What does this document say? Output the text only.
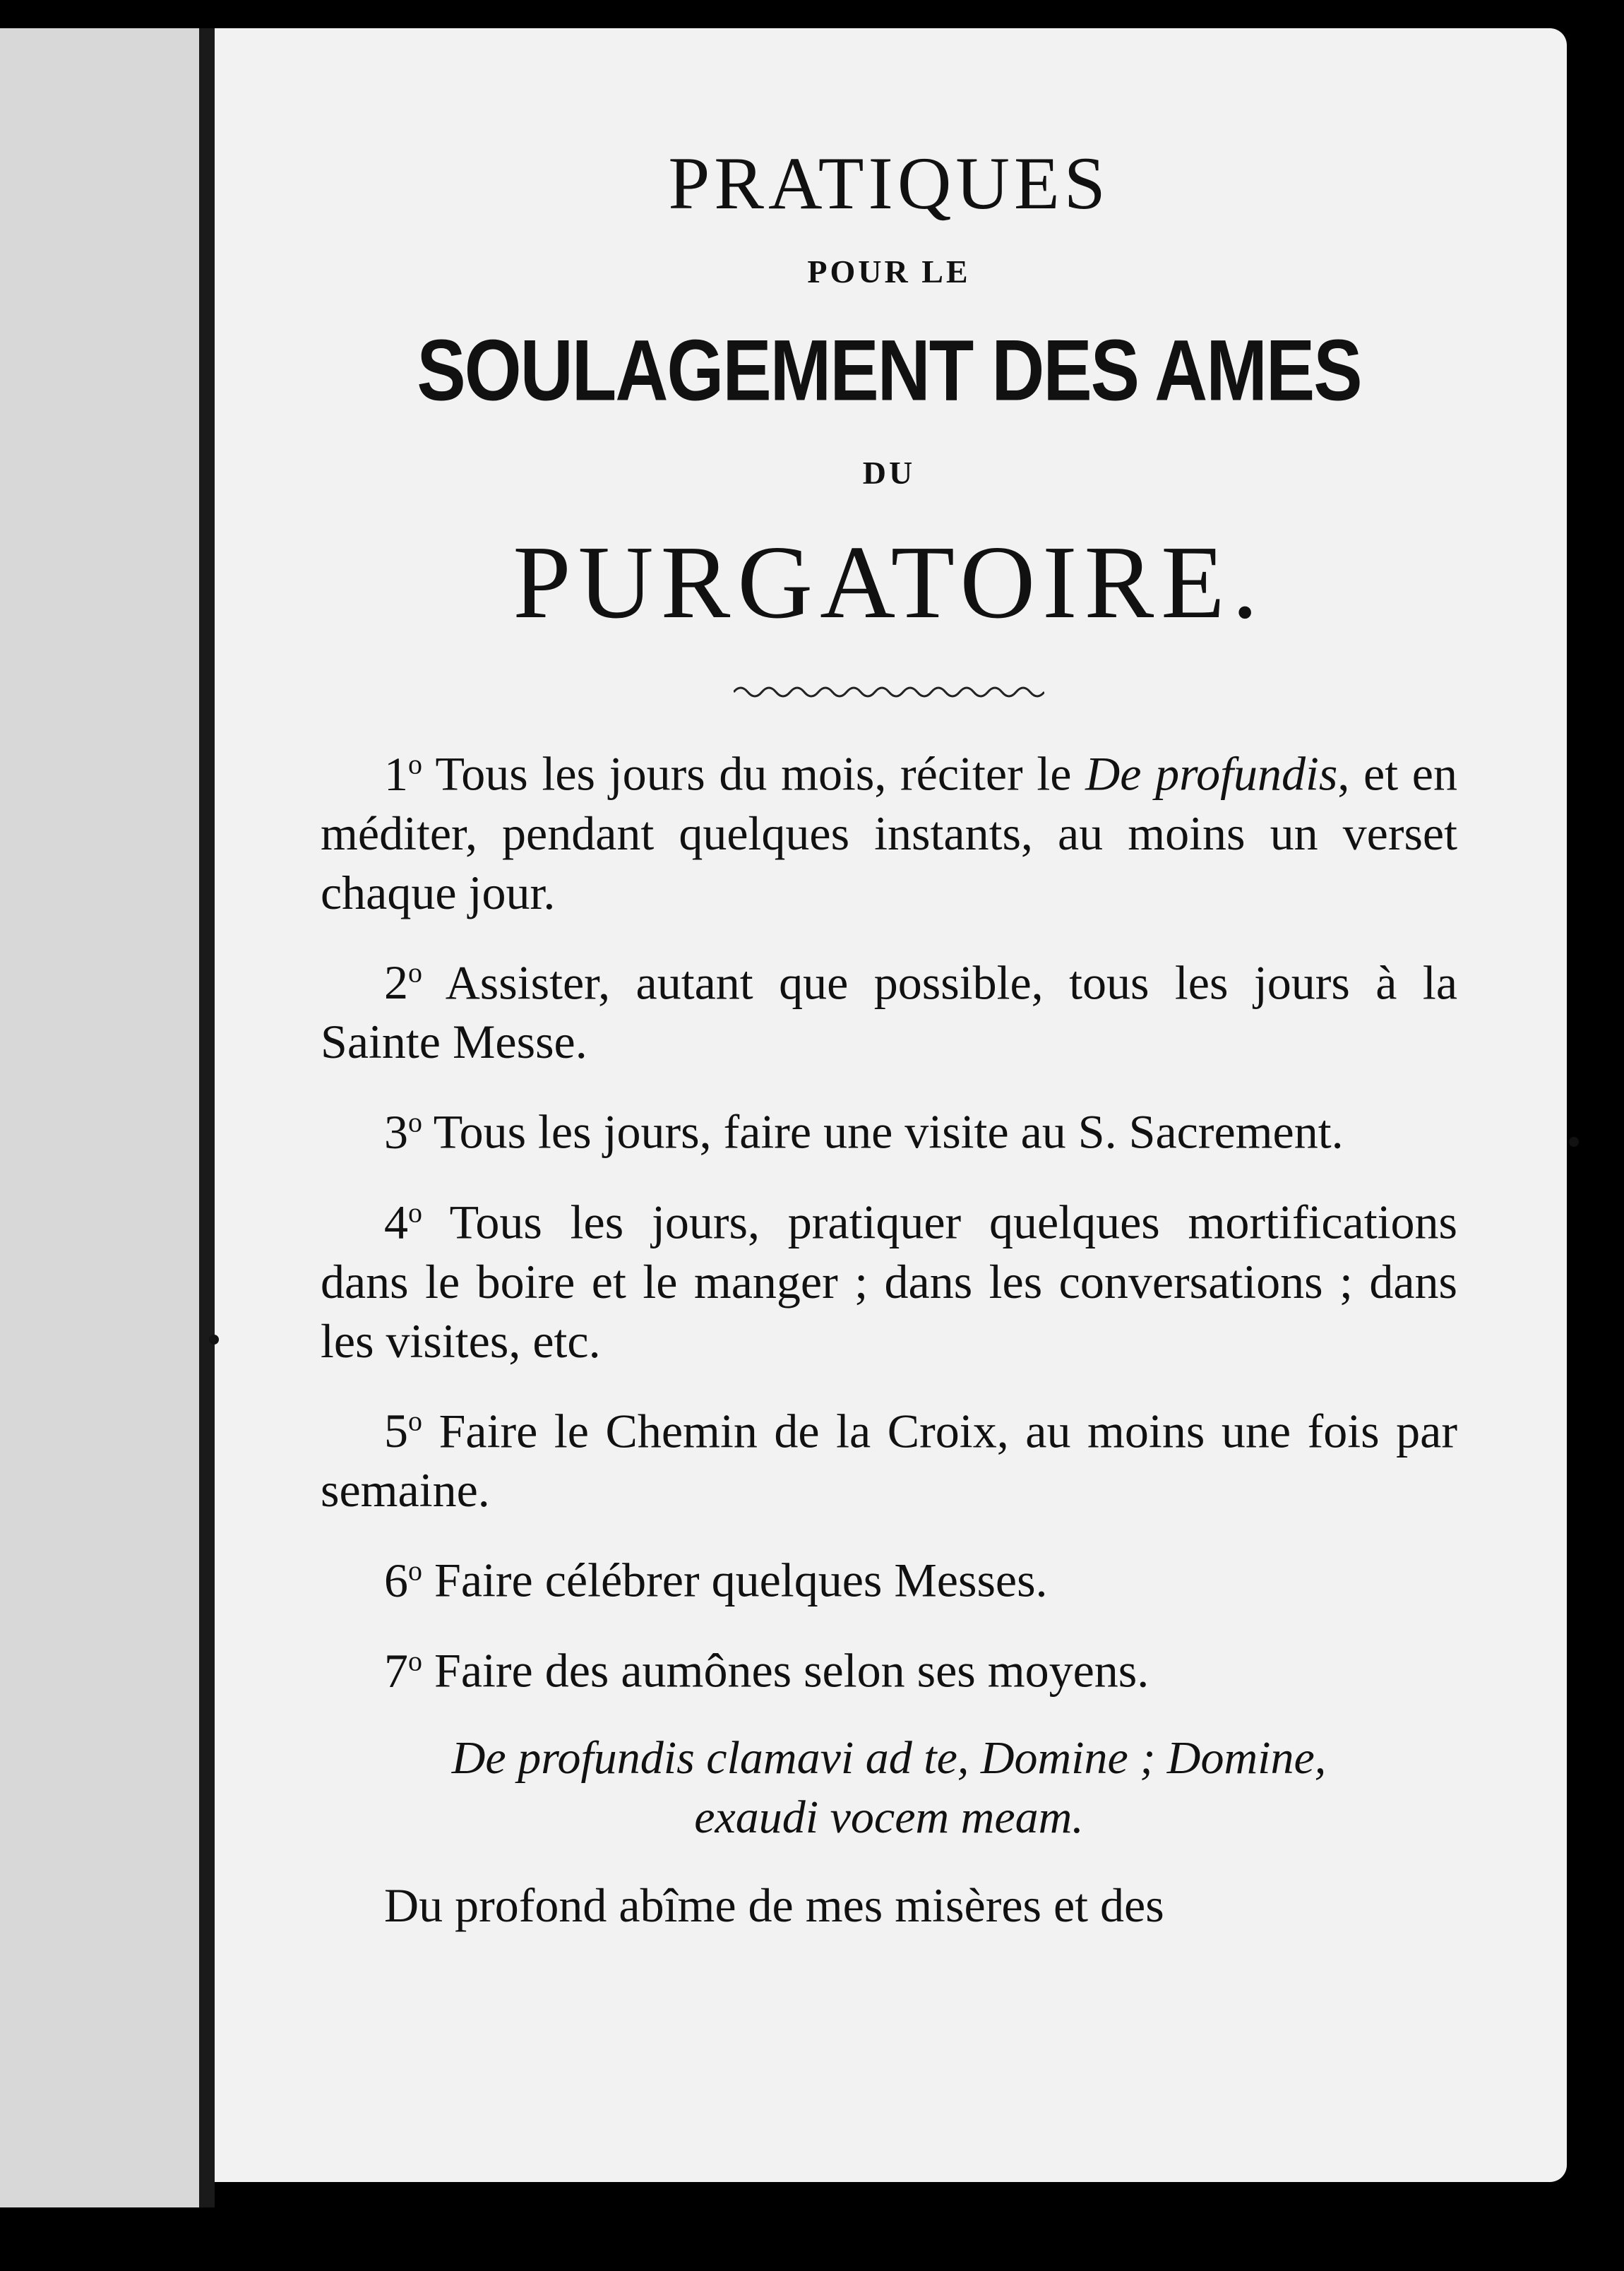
PRATIQUES

POUR LE

SOULAGEMENT DES AMES

DU

PURGATOIRE.

1$^o$ Tous les jours du mois, réciter le De profundis, et en méditer, pendant quelques instants, au moins un verset chaque jour.

2$^o$ Assister, autant que possible, tous les jours à la Sainte Messe.

3$^o$ Tous les jours, faire une visite au S. Sacrement.

4$^o$ Tous les jours, pratiquer quelques mortifications dans le boire et le manger ; dans les conversations ; dans les visites, etc.

5$^o$ Faire le Chemin de la Croix, au moins une fois par semaine.

6$^o$ Faire célébrer quelques Messes.

7$^o$ Faire des aumônes selon ses moyens.

De profundis clamavi ad te, Domine ; Domine,
exaudi vocem meam.

Du profond abîme de mes misères et des
